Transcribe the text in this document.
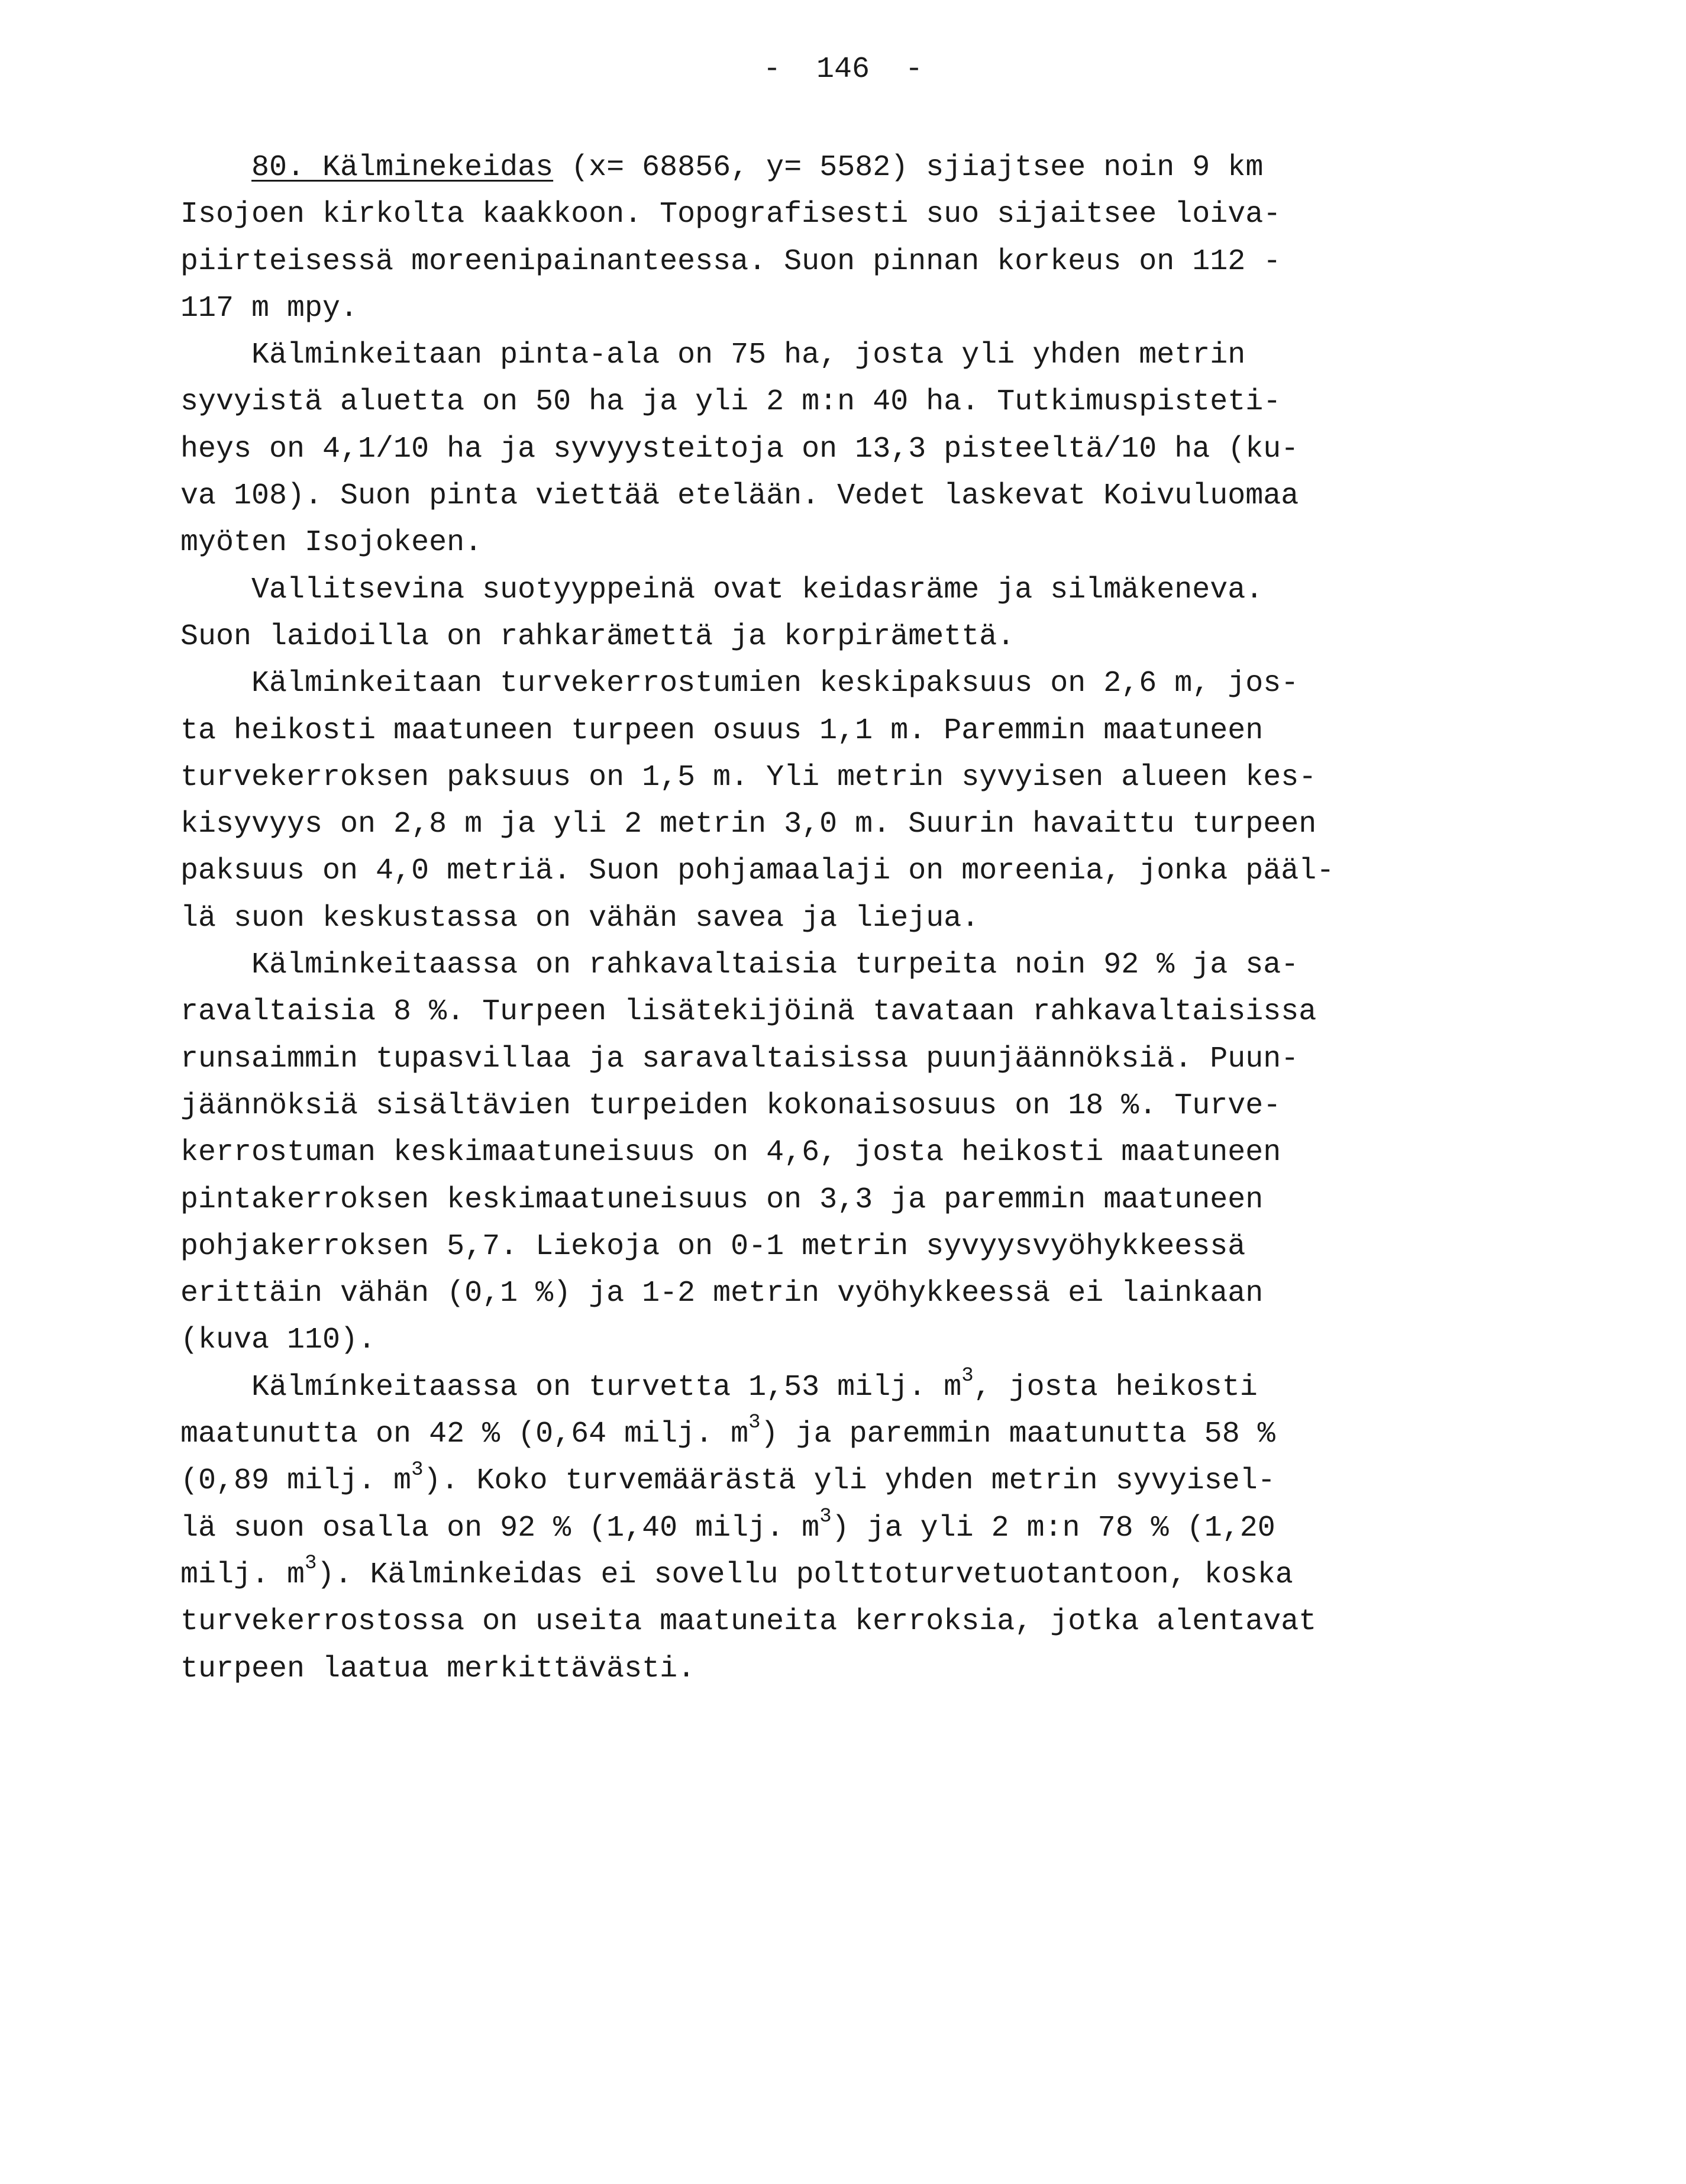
-  146  -
80. Kälminekeidas (x= 68856, y= 5582) sjiajtsee noin 9 km
Isojoen kirkolta kaakkoon. Topografisesti suo sijaitsee loiva-
piirteisessä moreenipainanteessa. Suon pinnan korkeus on 112 -
117 m mpy.
Kälminkeitaan pinta-ala on 75 ha, josta yli yhden metrin
syvyistä aluetta on 50 ha ja yli 2 m:n 40 ha. Tutkimuspisteti-
heys on 4,1/10 ha ja syvyysteitoja on 13,3 pisteeltä/10 ha (ku-
va 108). Suon pinta viettää etelään. Vedet laskevat Koivuluomaa
myöten Isojokeen.
Vallitsevina suotyyppeinä ovat keidasräme ja silmäkeneva.
Suon laidoilla on rahkarämettä ja korpirämettä.
Kälminkeitaan turvekerrostumien keskipaksuus on 2,6 m, jos-
ta heikosti maatuneen turpeen osuus 1,1 m. Paremmin maatuneen
turvekerroksen paksuus on 1,5 m. Yli metrin syvyisen alueen kes-
kisyvyys on 2,8 m ja yli 2 metrin 3,0 m. Suurin havaittu turpeen
paksuus on 4,0 metriä. Suon pohjamaalaji on moreenia, jonka pääl-
lä suon keskustassa on vähän savea ja liejua.
Kälminkeitaassa on rahkavaltaisia turpeita noin 92 % ja sa-
ravaltaisia 8 %. Turpeen lisätekijöinä tavataan rahkavaltaisissa
runsaimmin tupasvillaa ja saravaltaisissa puunjäännöksiä. Puun-
jäännöksiä sisältävien turpeiden kokonaisosuus on 18 %. Turve-
kerrostuman keskimaatuneisuus on 4,6, josta heikosti maatuneen
pintakerroksen keskimaatuneisuus on 3,3 ja paremmin maatuneen
pohjakerroksen 5,7. Liekoja on 0-1 metrin syvyysvyöhykkeessä
erittäin vähän (0,1 %) ja 1-2 metrin vyöhykkeessä ei lainkaan
(kuva 110).
Kälmínkeitaassa on turvetta 1,53 milj. $m^3$, josta heikosti
maatunutta on 42 % (0,64 milj. $m^3$) ja paremmin maatunutta 58 %
(0,89 milj. $m^3$). Koko turvemäärästä yli yhden metrin syvyisel-
lä suon osalla on 92 % (1,40 milj. $m^3$) ja yli 2 m:n 78 % (1,20
milj. $m^3$). Kälminkeidas ei sovellu polttoturvetuotantoon, koska
turvekerrostossa on useita maatuneita kerroksia, jotka alentavat
turpeen laatua merkittävästi.
